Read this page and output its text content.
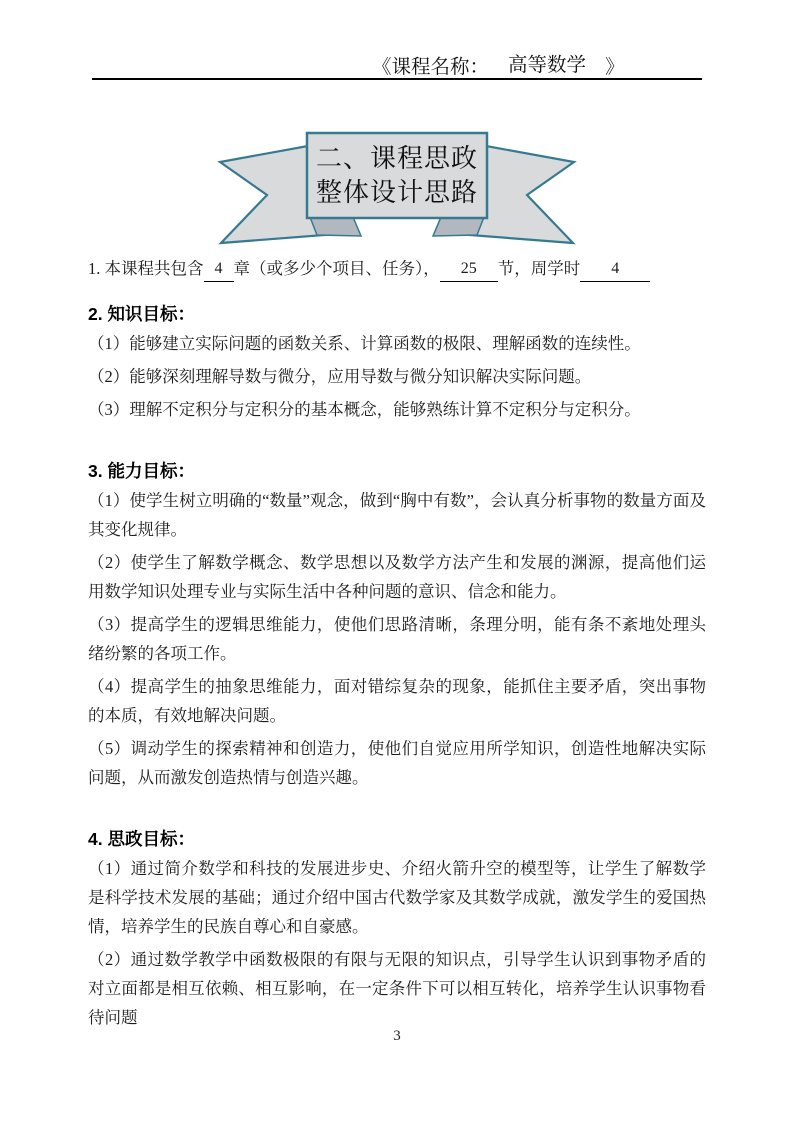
《课程名称： 高等数学 》
二、课程思政
整体设计思路

1. 本课程共包含 4 章（或多少个项目、任务）， 25 节，周学时 4

2. 知识目标：

（1）能够建立实际问题的函数关系、计算函数的极限、理解函数的连续性。

（2）能够深刻理解导数与微分，应用导数与微分知识解决实际问题。

（3）理解不定积分与定积分的基本概念，能够熟练计算不定积分与定积分。

3. 能力目标：

（1）使学生树立明确的“数量”观念，做到“胸中有数”，会认真分析事物的数量方面及其变化规律。

（2）使学生了解数学概念、数学思想以及数学方法产生和发展的渊源，提高他们运用数学知识处理专业与实际生活中各种问题的意识、信念和能力。

（3）提高学生的逻辑思维能力，使他们思路清晰，条理分明，能有条不紊地处理头绪纷繁的各项工作。

（4）提高学生的抽象思维能力，面对错综复杂的现象，能抓住主要矛盾，突出事物的本质，有效地解决问题。

（5）调动学生的探索精神和创造力，使他们自觉应用所学知识，创造性地解决实际问题，从而激发创造热情与创造兴趣。

4. 思政目标：

（1）通过简介数学和科技的发展进步史、介绍火箭升空的模型等，让学生了解数学是科学技术发展的基础；通过介绍中国古代数学家及其数学成就，激发学生的爱国热情，培养学生的民族自尊心和自豪感。

（2）通过数学教学中函数极限的有限与无限的知识点，引导学生认识到事物矛盾的对立面都是相互依赖、相互影响，在一定条件下可以相互转化，培养学生认识事物看待问题

3
